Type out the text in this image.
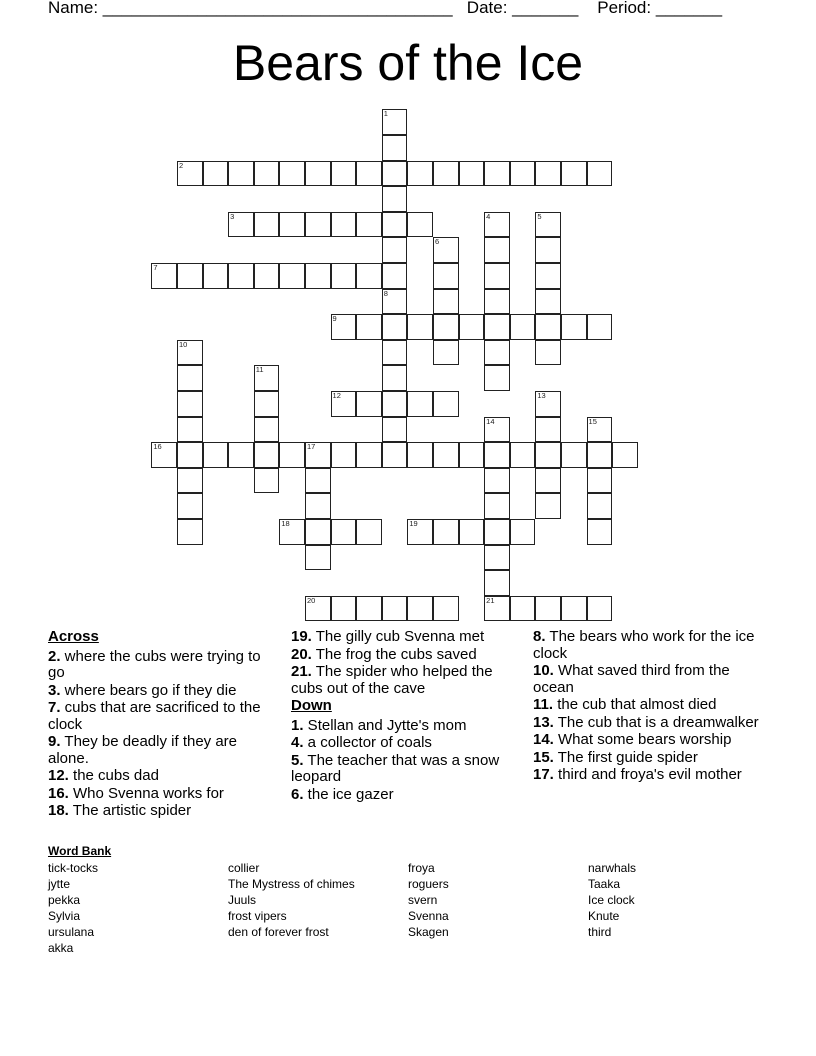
Name: _____________________________________ Date: _______ Period: _______
Bears of the Ice
1
2
3	4	5
6
7
8
9
10
11
12	13
14
21
15
16	17
18	19
20
Across
2. where the cubs were trying to go
3. where bears go if they die
7. cubs that are sacrificed to the clock
9. They be deadly if they are alone.
12. the cubs dad
16. Who Svenna works for
18. The artistic spider
19. The gilly cub Svenna met
20. The frog the cubs saved
21. The spider who helped the cubs out of the cave
Down
1. Stellan and Jytte's mom
4. a collector of coals
5. The teacher that was a snow leopard
6. the ice gazer
8. The bears who work for the ice clock
10. What saved third from the ocean
11. the cub that almost died
13. The cub that is a dreamwalker
14. What some bears worship
15. The first guide spider
17. third and froya's evil mother
Word Bank
tick-tocks
jytte
pekka
Sylvia
ursulana
akka
collier
The Mystress of chimes
Juuls
frost vipers
den of forever frost
froya
roguers
svern
Svenna
Skagen
narwhals
Taaka
Ice clock
Knute
third
